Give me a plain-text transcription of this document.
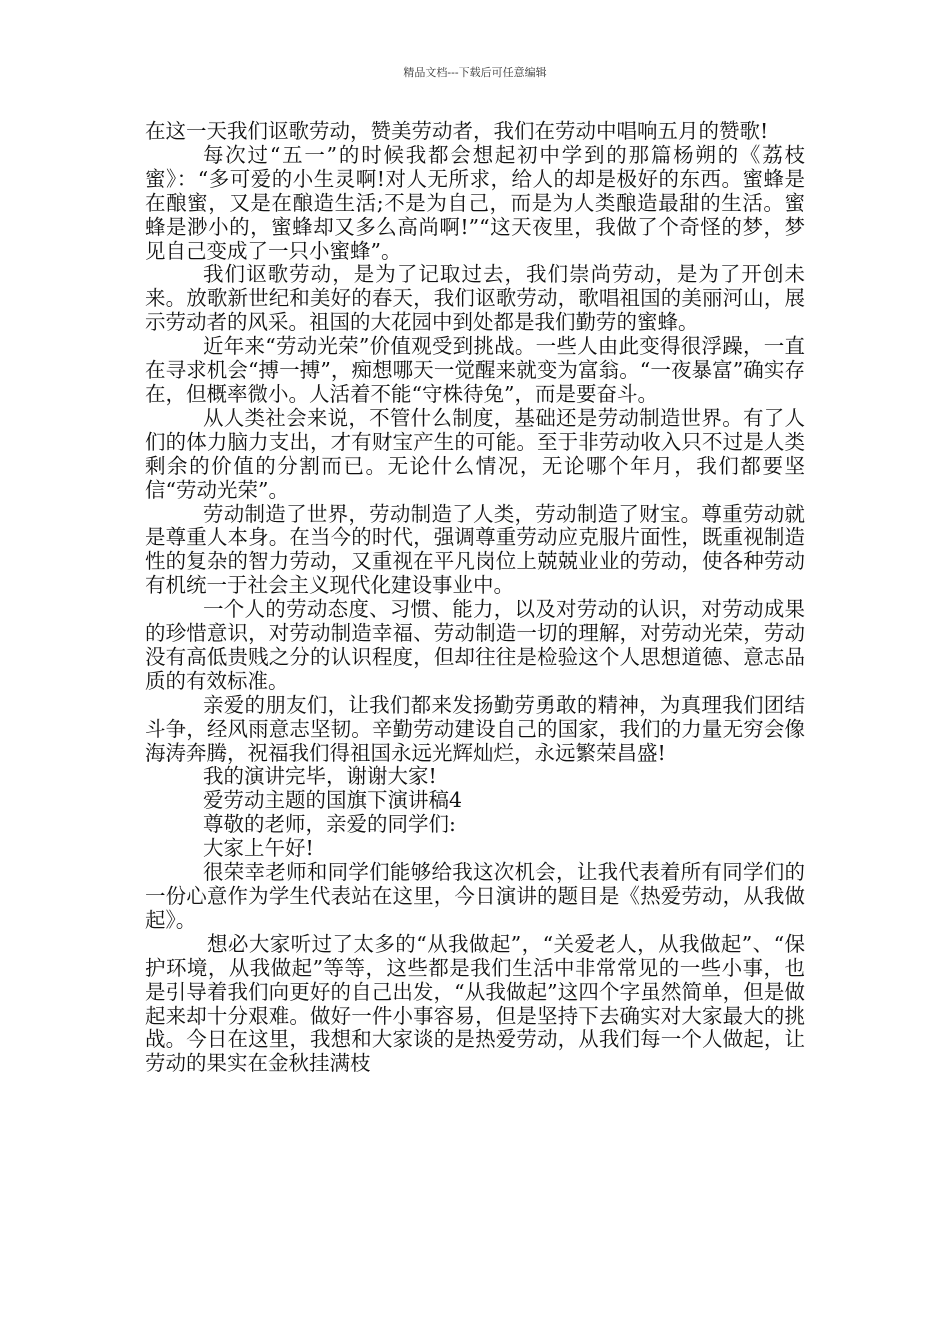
精品文档---下载后可任意编辑

在这一天我们讴歌劳动，赞美劳动者，我们在劳动中唱响五月的赞歌!

每次过“五一”的时候我都会想起初中学到的那篇杨朔的《荔枝蜜》：“多可爱的小生灵啊!对人无所求，给人的却是极好的东西。蜜蜂是在酿蜜，又是在酿造生活;不是为自己，而是为人类酿造最甜的生活。蜜蜂是渺小的，蜜蜂却又多么高尚啊!”“这天夜里，我做了个奇怪的梦，梦见自己变成了一只小蜜蜂”。

我们讴歌劳动，是为了记取过去，我们崇尚劳动，是为了开创未来。放歌新世纪和美好的春天，我们讴歌劳动，歌唱祖国的美丽河山，展示劳动者的风采。祖国的大花园中到处都是我们勤劳的蜜蜂。

近年来“劳动光荣”价值观受到挑战。一些人由此变得很浮躁，一直在寻求机会“搏一搏”，痴想哪天一觉醒来就变为富翁。“一夜暴富”确实存在，但概率微小。人活着不能“守株待兔”，而是要奋斗。

从人类社会来说，不管什么制度，基础还是劳动制造世界。有了人们的体力脑力支出，才有财宝产生的可能。至于非劳动收入只不过是人类剩余的价值的分割而已。无论什么情况，无论哪个年月，我们都要坚信“劳动光荣”。

劳动制造了世界，劳动制造了人类，劳动制造了财宝。尊重劳动就是尊重人本身。在当今的时代，强调尊重劳动应克服片面性，既重视制造性的复杂的智力劳动，又重视在平凡岗位上兢兢业业的劳动，使各种劳动有机统一于社会主义现代化建设事业中。

一个人的劳动态度、习惯、能力，以及对劳动的认识，对劳动成果的珍惜意识，对劳动制造幸福、劳动制造一切的理解，对劳动光荣，劳动没有高低贵贱之分的认识程度，但却往往是检验这个人思想道德、意志品质的有效标准。

亲爱的朋友们，让我们都来发扬勤劳勇敢的精神，为真理我们团结斗争，经风雨意志坚韧。辛勤劳动建设自己的国家，我们的力量无穷会像海涛奔腾，祝福我们得祖国永远光辉灿烂，永远繁荣昌盛!

我的演讲完毕，谢谢大家!

爱劳动主题的国旗下演讲稿4

尊敬的老师，亲爱的同学们:

大家上午好!

很荣幸老师和同学们能够给我这次机会，让我代表着所有同学们的一份心意作为学生代表站在这里，今日演讲的题目是《热爱劳动，从我做起》。

想必大家听过了太多的“从我做起”，“关爱老人，从我做起”、“保护环境，从我做起”等等，这些都是我们生活中非常常见的一些小事，也是引导着我们向更好的自己出发，“从我做起”这四个字虽然简单，但是做起来却十分艰难。做好一件小事容易，但是坚持下去确实对大家最大的挑战。今日在这里，我想和大家谈的是热爱劳动，从我们每一个人做起，让劳动的果实在金秋挂满枝
